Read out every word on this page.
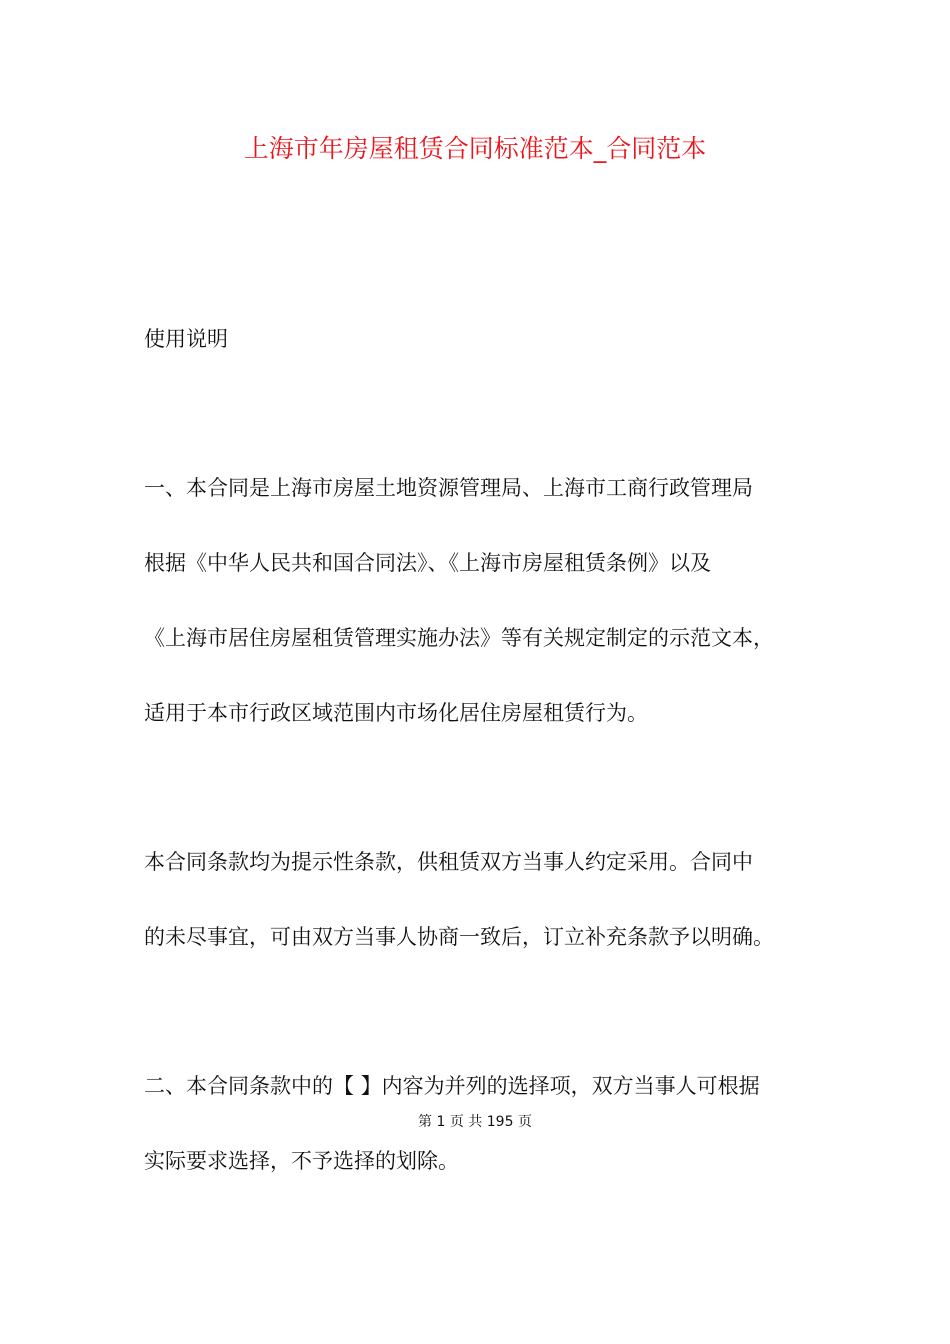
上海市年房屋租赁合同标准范本_合同范本

使用说明

一、本合同是上海市房屋土地资源管理局、上海市工商行政管理局

根据《中华人民共和国合同法》、《上海市房屋租赁条例》以及

《上海市居住房屋租赁管理实施办法》等有关规定制定的示范文本，

适用于本市行政区域范围内市场化居住房屋租赁行为。

本合同条款均为提示性条款，供租赁双方当事人约定采用。合同中

的未尽事宜，可由双方当事人协商一致后，订立补充条款予以明确。

二、本合同条款中的【 】内容为并列的选择项，双方当事人可根据

第 1 页 共 195 页

实际要求选择，不予选择的划除。
